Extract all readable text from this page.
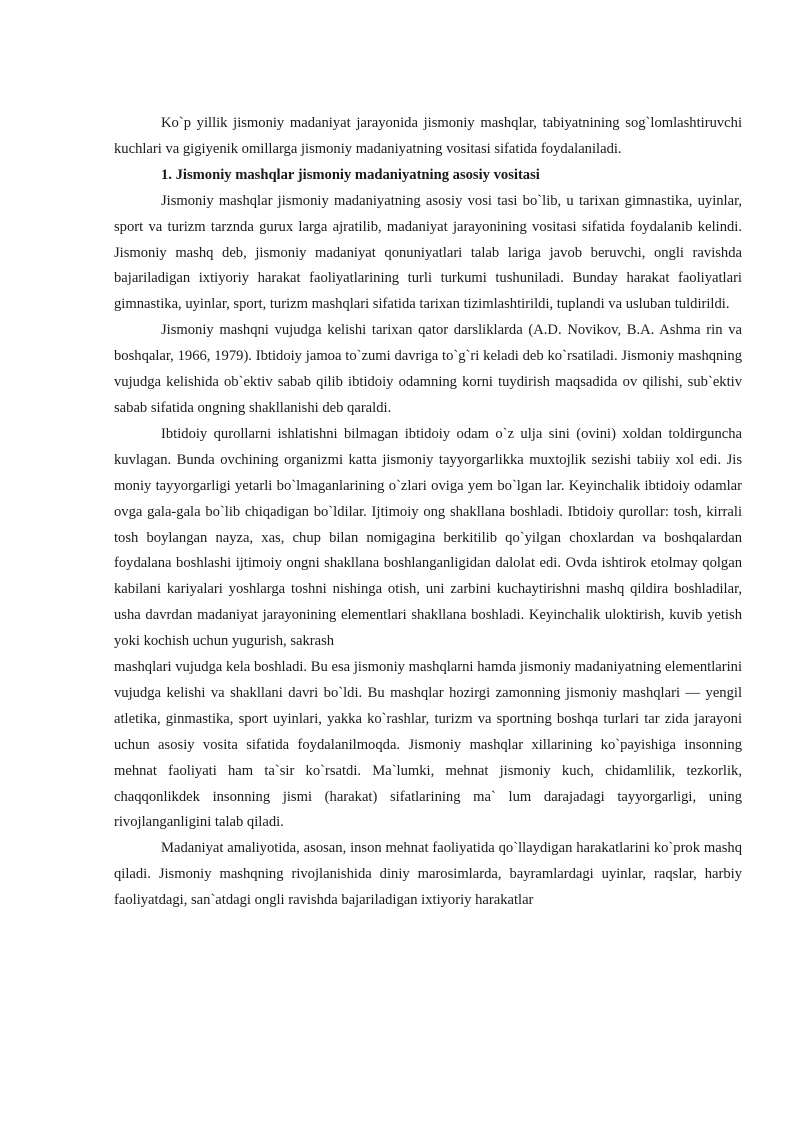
Ko`p yillik jismoniy madaniyat jarayonida jismoniy mashqlar, tabiyatnining sog`lomlashtiruvchi kuchlari va gigiyenik omillarga jismoniy madaniyatning vositasi sifatida foydalaniladi.

1. Jismoniy mashqlar jismoniy madaniyatning asosiy vositasi

Jismoniy mashqlar jismoniy madaniyatning asosiy vosi tasi bo`lib, u tarixan gimnastika, uyinlar, sport va turizm tarznda gurux larga ajratilib, madaniyat jarayonining vositasi sifatida foydalanib kelindi. Jismoniy mashq deb, jismoniy madaniyat qonuniyatlari talab lariga javob beruvchi, ongli ravishda bajariladigan ixtiyoriy harakat faoliyatlarining turli turkumi tushuniladi. Bunday harakat faoliyatlari gimnastika, uyinlar, sport, turizm mashqlari sifatida tarixan tizimlashtirildi, tuplandi va usluban tuldirildi.

Jismoniy mashqni vujudga kelishi tarixan qator darsliklarda (A.D. Novikov, B.A. Ashma rin va boshqalar, 1966, 1979). Ibtidoiy jamoa to`zumi davriga to`g`ri keladi deb ko`rsatiladi. Jismoniy mashqning vujudga kelishida ob`ektiv sabab qilib ibtidoiy odamning korni tuydirish maqsadida ov qilishi, sub`ektiv sabab sifatida ongning shakllanishi deb qaraldi.

Ibtidoiy qurollarni ishlatishni bilmagan ibtidoiy odam o`z ulja sini (ovini) xoldan toldirguncha kuvlagan. Bunda ovchining organizmi katta jismoniy tayyorgarlikka muxtojlik sezishi tabiiy xol edi. Jis moniy tayyorgarligi yetarli bo`lmaganlarining o`zlari oviga yem bo`lgan lar. Keyinchalik ibtidoiy odamlar ovga gala-gala bo`lib chiqadigan bo`ldilar. Ijtimoiy ong shakllana boshladi. Ibtidoiy qurollar: tosh, kirrali tosh boylangan nayza, xas, chup bilan nomigagina berkitilib qo`yilgan choxlardan va boshqalardan foydalana boshlashi ijtimoiy ongni shakllana boshlanganligidan dalolat edi. Ovda ishtirok etolmay qolgan kabilani kariyalari yoshlarga toshni nishinga otish, uni zarbini kuchaytirishni mashq qildira boshladilar, usha davrdan madaniyat jarayonining elementlari shakllana boshladi. Keyinchalik uloktirish, kuvib yetish yoki kochish uchun yugurish, sakrash

mashqlari vujudga kela boshladi. Bu esa jismoniy mashqlarni hamda jismoniy madaniyatning elementlarini vujudga kelishi va shakllani davri bo`ldi. Bu mashqlar hozirgi zamonning jismoniy mashqlari — yengil atletika, ginmastika, sport uyinlari, yakka ko`rashlar, turizm va sportning boshqa turlari tar zida jarayoni uchun asosiy vosita sifatida foydalanilmoqda. Jismoniy mashqlar xillarining ko`payishiga insonning mehnat faoliyati ham ta`sir ko`rsatdi. Ma`lumki, mehnat jismoniy kuch, chidamlilik, tezkorlik, chaqqonlikdek insonning jismi (harakat) sifatlarining ma` lum darajadagi tayyorgarligi, uning rivojlanganligini talab qiladi.

Madaniyat amaliyotida, asosan, inson mehnat faoliyatida qo`llaydigan harakatlarini ko`prok mashq qiladi. Jismoniy mashqning rivojlanishida diniy marosimlarda, bayramlardagi uyinlar, raqslar, harbiy faoliyatdagi, san`atdagi ongli ravishda bajariladigan ixtiyoriy harakatlar
